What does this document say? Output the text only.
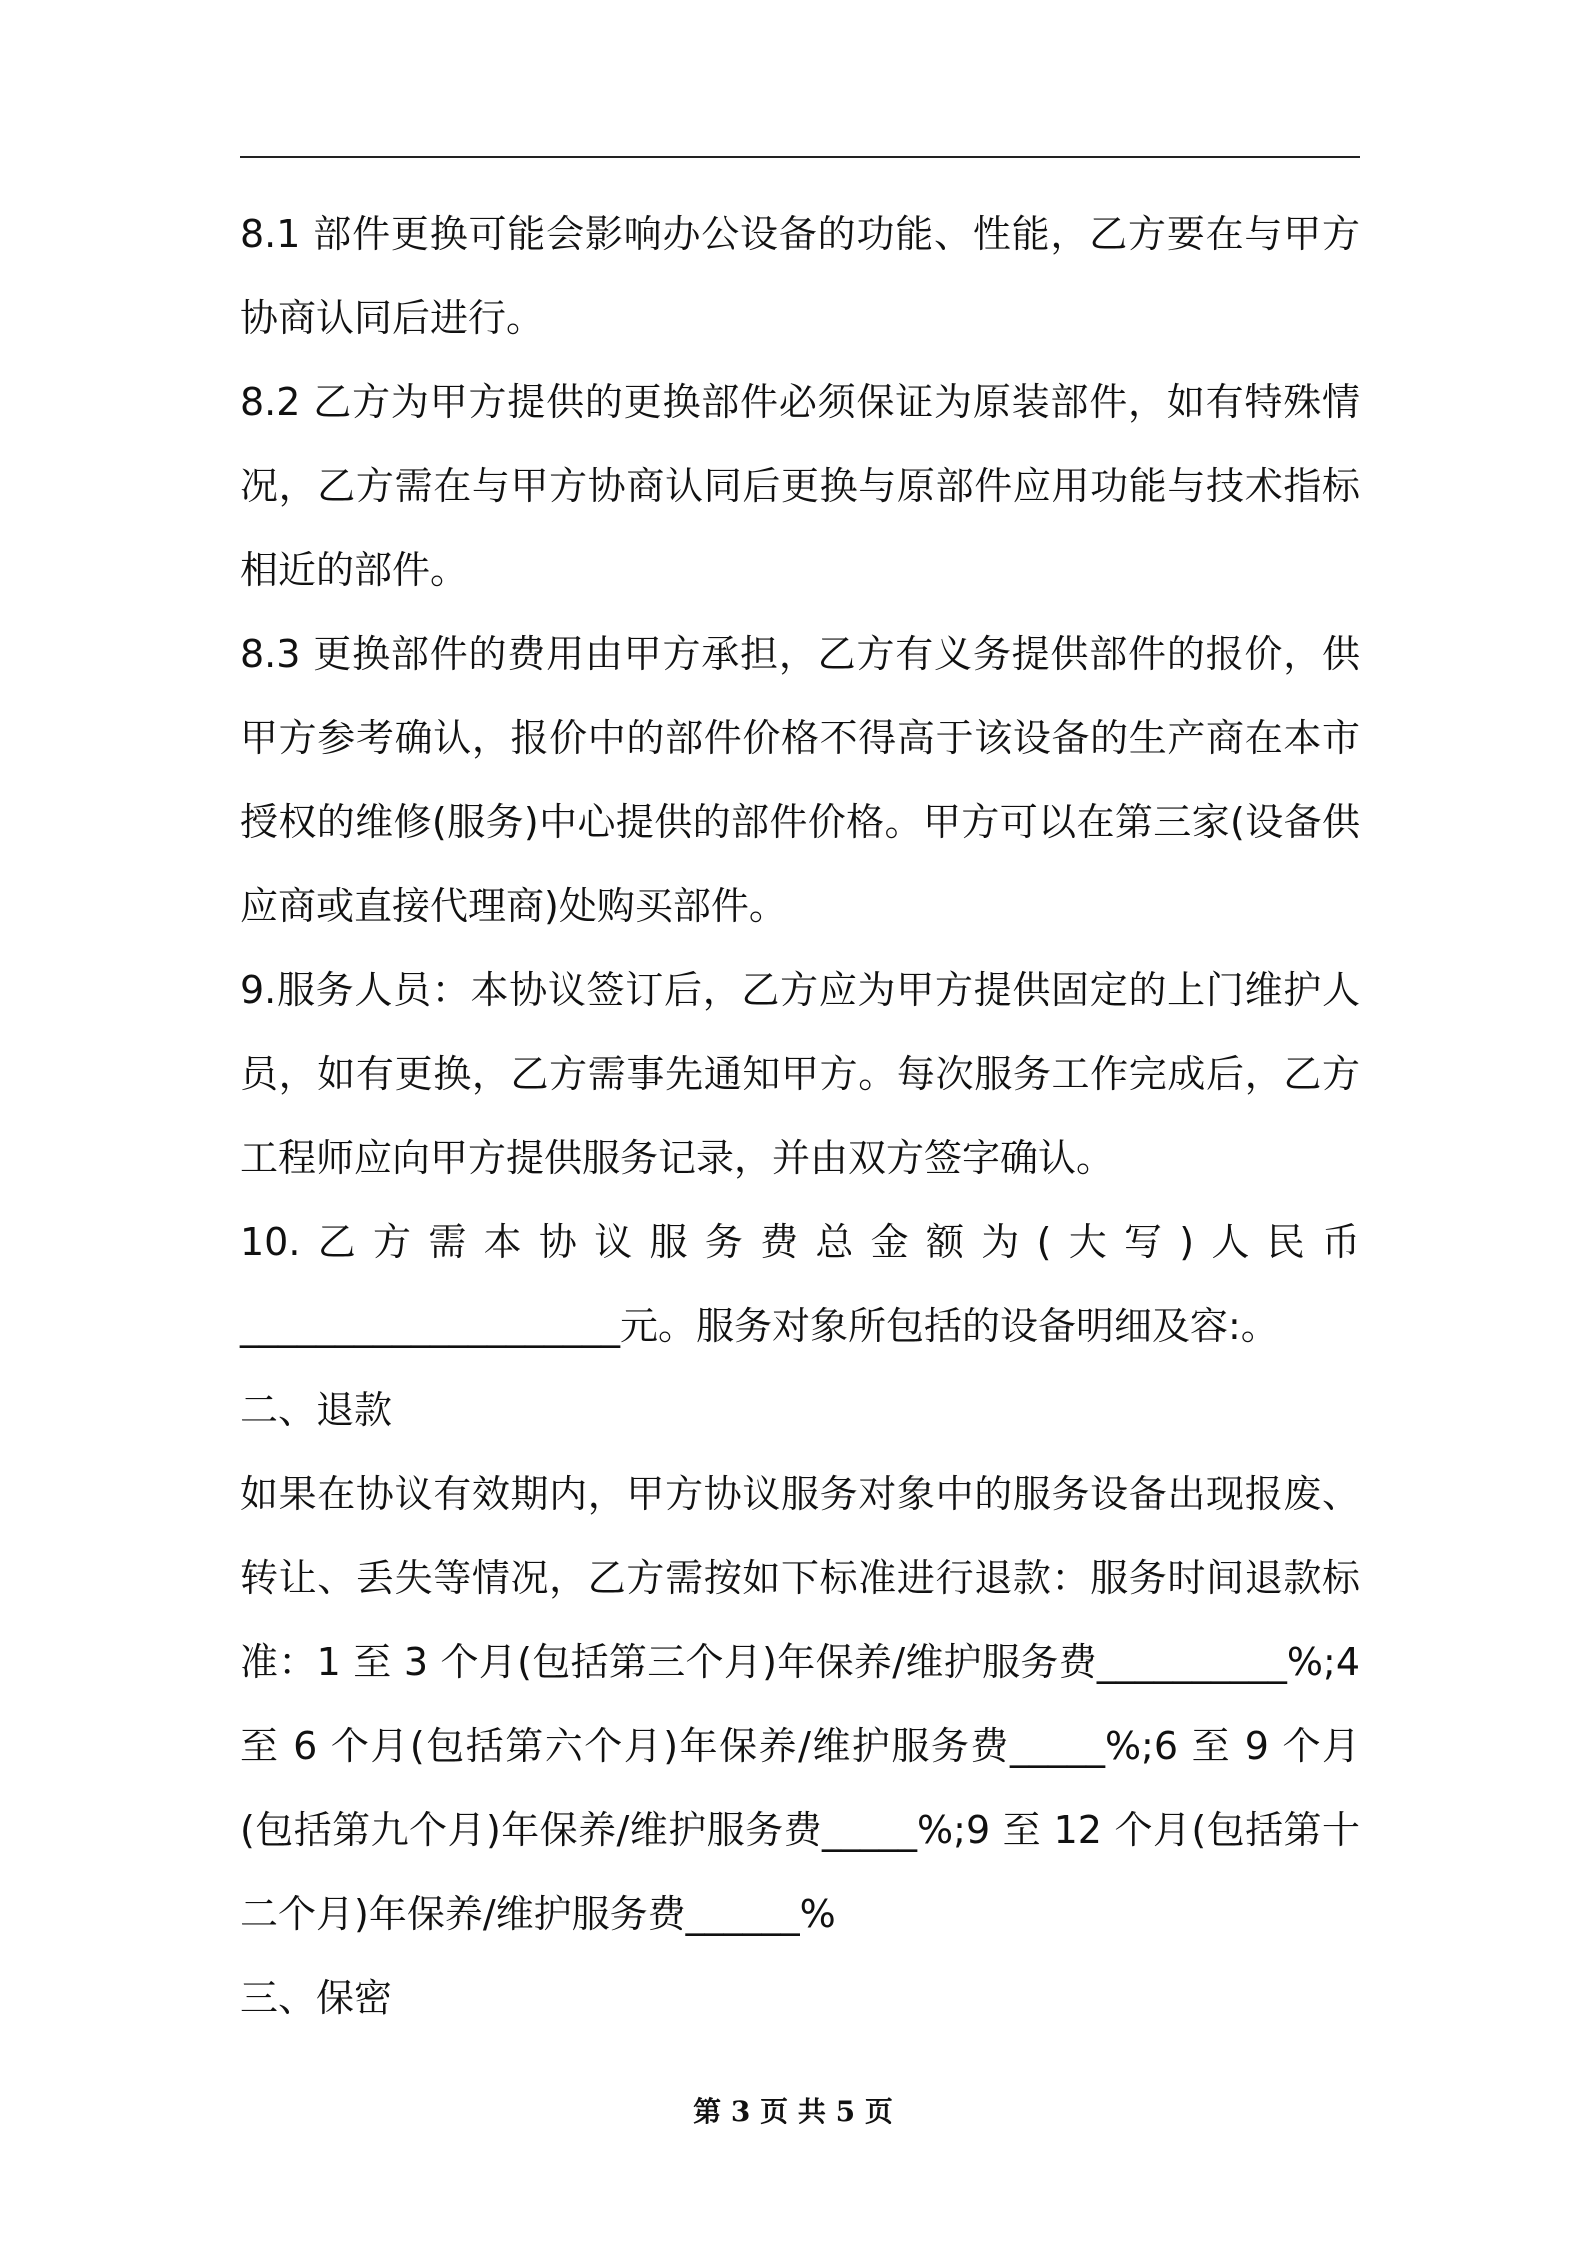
8.1 部件更换可能会影响办公设备的功能、性能，乙方要在与甲方协商认同后进行。

8.2 乙方为甲方提供的更换部件必须保证为原装部件，如有特殊情况，乙方需在与甲方协商认同后更换与原部件应用功能与技术指标相近的部件。

8.3 更换部件的费用由甲方承担，乙方有义务提供部件的报价，供甲方参考确认，报价中的部件价格不得高于该设备的生产商在本市授权的维修(服务)中心提供的部件价格。甲方可以在第三家(设备供应商或直接代理商)处购买部件。

9.服务人员：本协议签订后，乙方应为甲方提供固定的上门维护人员，如有更换，乙方需事先通知甲方。每次服务工作完成后，乙方工程师应向甲方提供服务记录，并由双方签字确认。

10.乙方需本协议服务费总金额为(大写)人民币

____________________元。服务对象所包括的设备明细及容:。

二、退款

如果在协议有效期内，甲方协议服务对象中的服务设备出现报废、转让、丢失等情况，乙方需按如下标准进行退款：服务时间退款标准：1 至 3 个月(包括第三个月)年保养/维护服务费__________%;4 至 6 个月(包括第六个月)年保养/维护服务费_____%;6 至 9 个月(包括第九个月)年保养/维护服务费_____%;9 至 12 个月(包括第十二个月)年保养/维护服务费______%

三、保密

第 3 页 共 5 页
